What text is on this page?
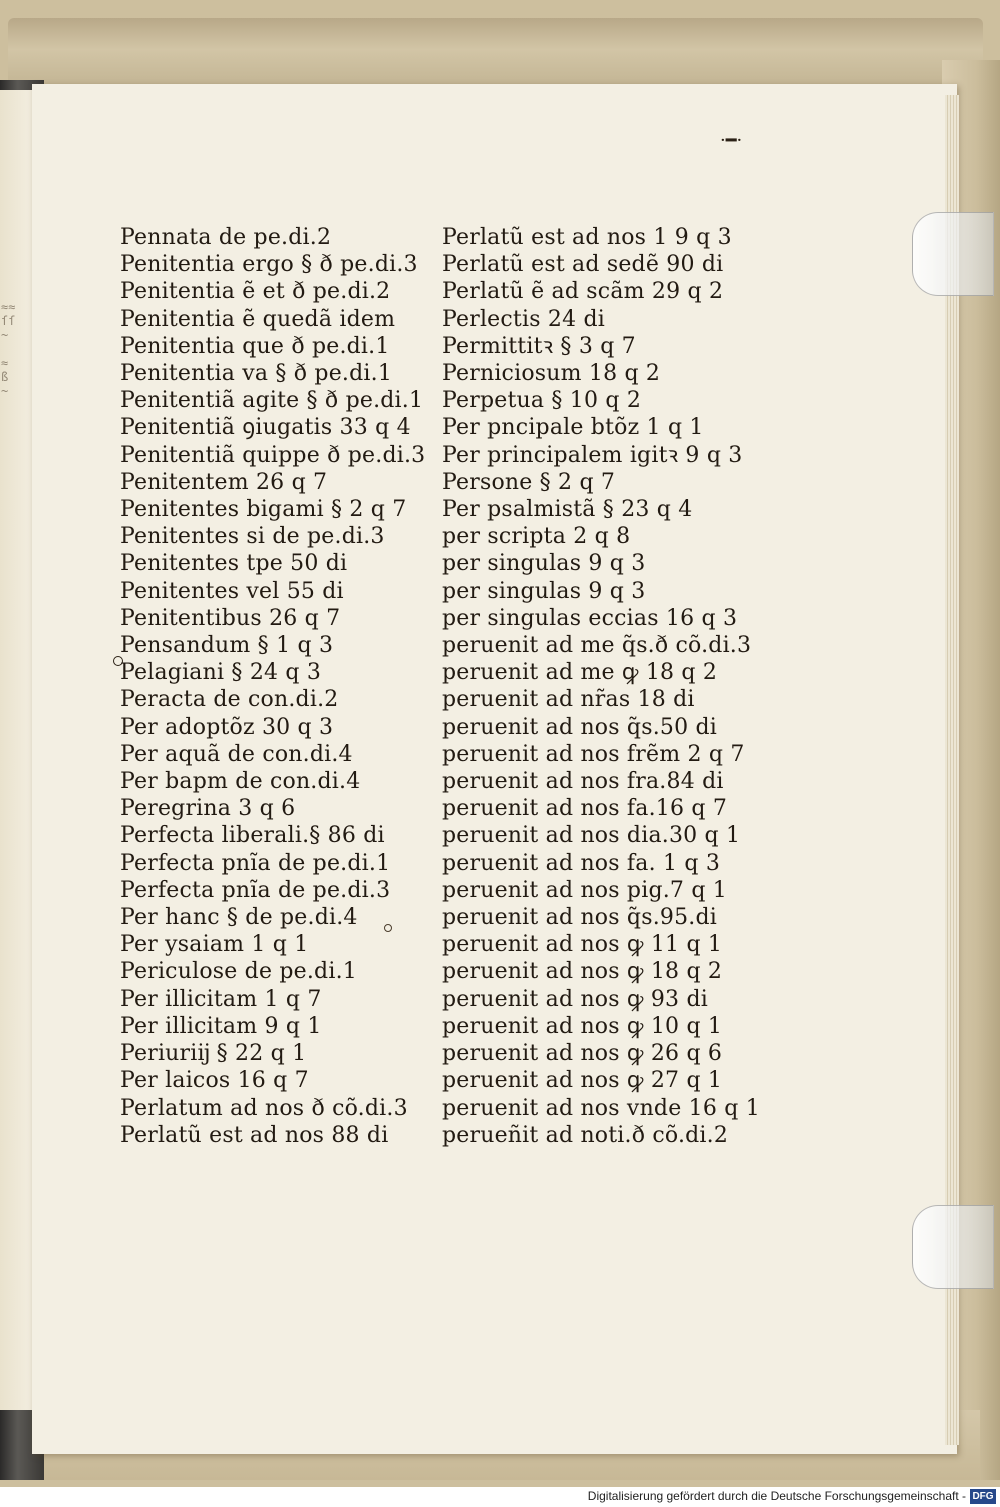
≈≈
ſſ
~

≈
ß
~
·━·
Pennata de pe.di.2
Penitentia ergo § ð pe.di.3
Penitentia ẽ et ð pe.di.2
Penitentia ẽ quedã idem
Penitentia que ð pe.di.1
Penitentia va § ð pe.di.1
Penitentiã agite § ð pe.di.1
Penitentiã ꝯiugatis 33 q 4
Penitentiã quippe ð pe.di.3
Penitentem 26 q 7
Penitentes bigami § 2 q 7
Penitentes si de pe.di.3
Penitentes tpe 50 di
Penitentes vel 55 di
Penitentibus 26 q 7
Pensandum § 1 q 3
Pelagiani § 24 q 3
Peracta de con.di.2
Per adoptõz 30 q 3
Per aquã de con.di.4
Per bapm de con.di.4
Peregrina 3 q 6
Perfecta liberali.§ 86 di
Perfecta pnĩa de pe.di.1
Perfecta pnĩa de pe.di.3
Per hanc § de pe.di.4
Per ysaiam 1 q 1
Periculose de pe.di.1
Per illicitam 1 q 7
Per illicitam 9 q 1
Periuriĳ § 22 q 1
Per laicos 16 q 7
Perlatum ad nos ð cõ.di.3
Perlatũ est ad nos 88 di
Perlatũ est ad nos 1 9 q 3
Perlatũ est ad sedẽ 90 di
Perlatũ ẽ ad scãm 29 q 2
Perlectis 24 di
Permittitꝛ § 3 q 7
Perniciosum 18 q 2
Perpetua § 10 q 2
Per pncipale btõz 1 q 1
Per principalem igitꝛ 9 q 3
Persone § 2 q 7
Per psalmistã § 23 q 4
per scripta 2 q 8
per singulas 9 q 3
per singulas 9 q 3
per singulas eccias 16 q 3
peruenit ad me q̃s.ð cõ.di.3
peruenit ad me ꝙ 18 q 2
peruenit ad nr̃as 18 di
peruenit ad nos q̃s.50 di
peruenit ad nos frẽm 2 q 7
peruenit ad nos fra.84 di
peruenit ad nos fa.16 q 7
peruenit ad nos dia.30 q 1
peruenit ad nos fa. 1 q 3
peruenit ad nos pig.7 q 1
peruenit ad nos q̃s.95.di
peruenit ad nos ꝙ 11 q 1
peruenit ad nos ꝙ 18 q 2
peruenit ad nos ꝙ 93 di
peruenit ad nos ꝙ 10 q 1
peruenit ad nos ꝙ 26 q 6
peruenit ad nos ꝙ 27 q 1
peruenit ad nos vnde 16 q 1
perueñit ad noti.ð cõ.di.2
Digitalisierung gefördert durch die Deutsche Forschungsgemeinschaft - DFG
